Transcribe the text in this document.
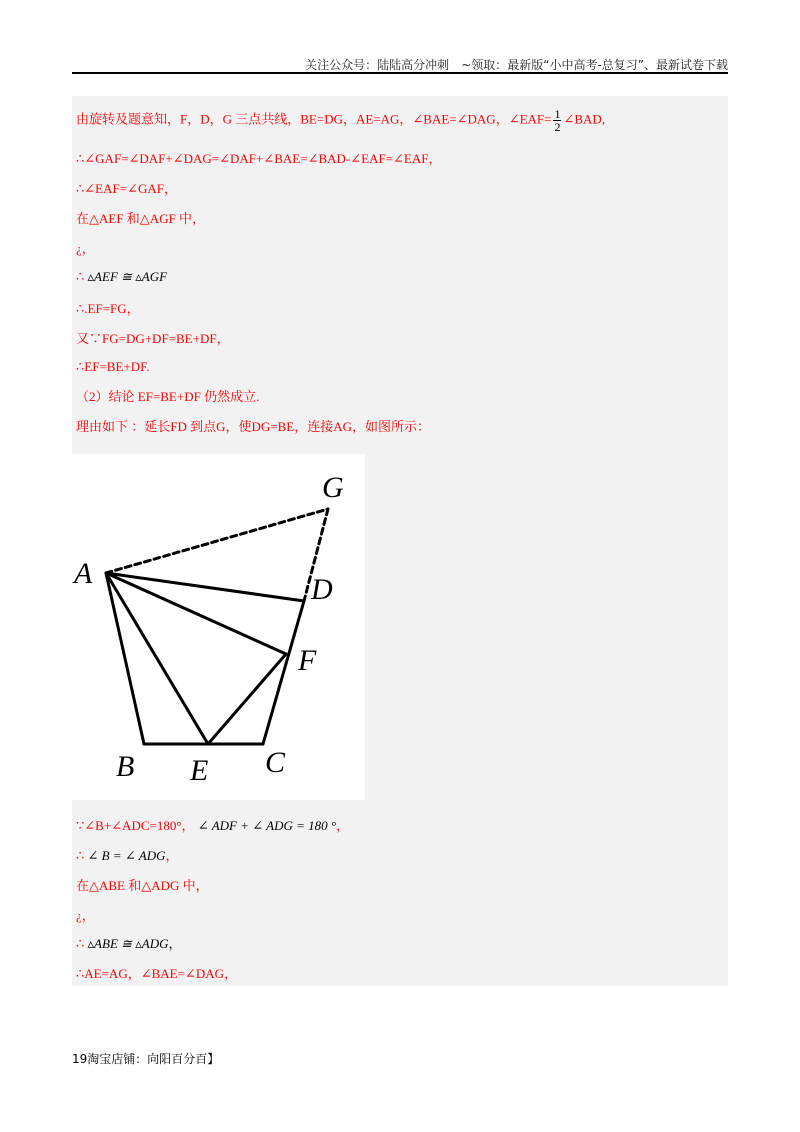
关注公众号：陆陆高分冲刺　~领取：最新版“小中高考-总复习”、最新试卷下载
由旋转及题意知，F，D，G 三点共线，BE=DG，AE=AG，∠BAE=∠DAG，∠EAF= $\frac{1}{2}$ ∠BAD,
∴∠GAF=∠DAF+∠DAG=∠DAF+∠BAE=∠BAD-∠EAF=∠EAF，
∴∠EAF=∠GAF，
在△AEF 和△AGF 中，
¿，
∴ ▵AEF ≅ ▵AGF
∴.EF=FG，
又∵FG=DG+DF=BE+DF，
∴EF=BE+DF.
（2）结论 EF=BE+DF 仍然成立.
理由如下 ：延长FD 到点G，使DG=BE，连接AG，如图所示：
A
B	C
D
E
F
G
∵∠B+∠ADC=180°， ∠ ADF + ∠ ADG = 180 °，
∴ ∠ B = ∠ ADG，
在△ABE 和△ADG 中，
¿，
∴ ▵ABE ≅ ▵ADG，
∴AE=AG，∠BAE=∠DAG，
19淘宝店铺：向阳百分百】
